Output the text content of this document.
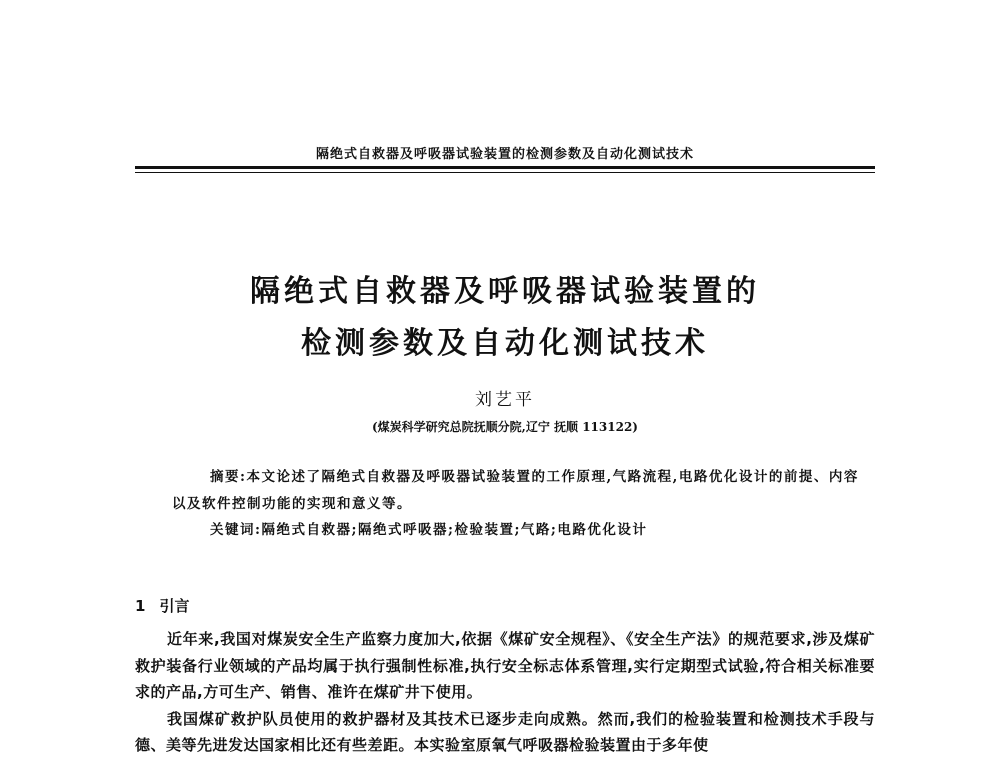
隔绝式自救器及呼吸器试验装置的检测参数及自动化测试技术
隔绝式自救器及呼吸器试验装置的
检测参数及自动化测试技术
刘艺平
(煤炭科学研究总院抚顺分院,辽宁 抚顺 113122)

摘要:本文论述了隔绝式自救器及呼吸器试验装置的工作原理,气路流程,电路优化设计的前提、内容以及软件控制功能的实现和意义等。

关键词:隔绝式自救器;隔绝式呼吸器;检验装置;气路;电路优化设计
1 引言

近年来,我国对煤炭安全生产监察力度加大,依据《煤矿安全规程》、《安全生产法》的规范要求,涉及煤矿救护装备行业领域的产品均属于执行强制性标准,执行安全标志体系管理,实行定期型式试验,符合相关标准要求的产品,方可生产、销售、准许在煤矿井下使用。

我国煤矿救护队员使用的救护器材及其技术已逐步走向成熟。然而,我们的检验装置和检测技术手段与德、美等先进发达国家相比还有些差距。本实验室原氧气呼吸器检验装置由于多年使
